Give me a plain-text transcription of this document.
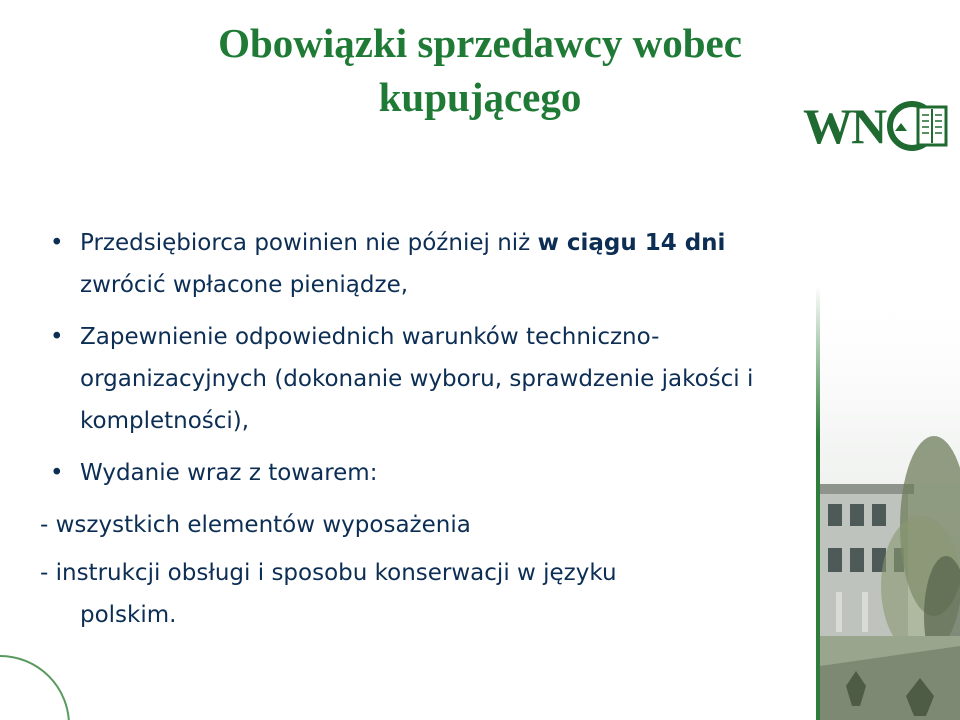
Obowiązki sprzedawcy wobec
kupującego
WN
• Przedsiębiorca powinien nie później niż w ciągu 14 dni zwrócić wpłacone pieniądze,
• Zapewnienie odpowiednich warunków techniczno-organizacyjnych (dokonanie wyboru, sprawdzenie jakości i kompletności),
• Wydanie wraz z towarem:

- wszystkich elementów wyposażenia

- instrukcji obsługi i sposobu konserwacji w języku
polskim.
